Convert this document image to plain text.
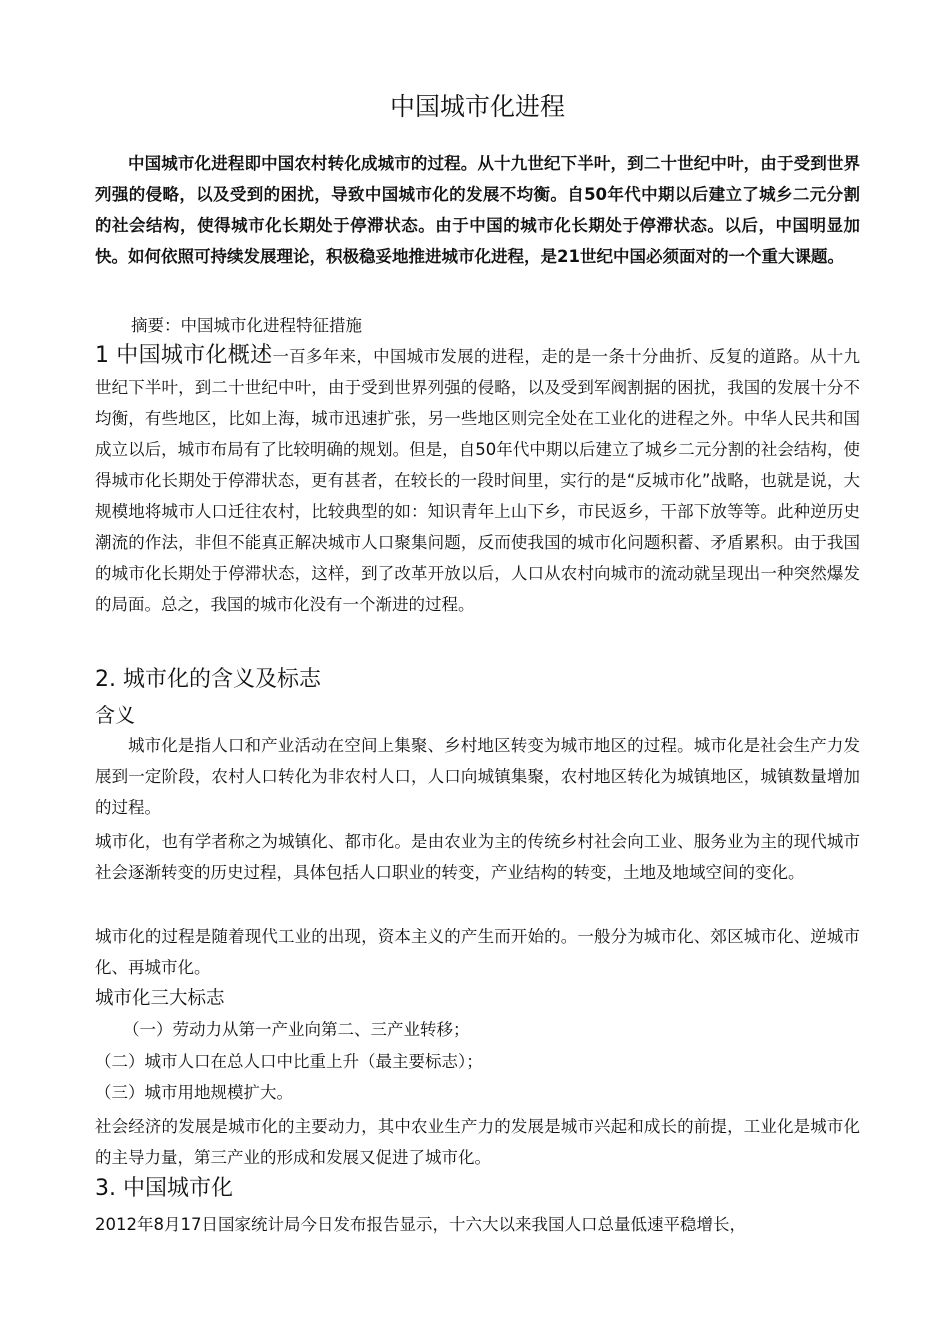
中国城市化进程

中国城市化进程即中国农村转化成城市的过程。从十九世纪下半叶，到二十世纪中叶，由于受到世界列强的侵略，以及受到的困扰，导致中国城市化的发展不均衡。自50年代中期以后建立了城乡二元分割的社会结构，使得城市化长期处于停滞状态。由于中国的城市化长期处于停滞状态。以后，中国明显加快。如何依照可持续发展理论，积极稳妥地推进城市化进程，是21世纪中国必须面对的一个重大课题。

摘要：中国城市化进程特征措施

1 中国城市化概述一百多年来，中国城市发展的进程，走的是一条十分曲折、反复的道路。从十九世纪下半叶，到二十世纪中叶，由于受到世界列强的侵略，以及受到军阀割据的困扰，我国的发展十分不均衡，有些地区，比如上海，城市迅速扩张，另一些地区则完全处在工业化的进程之外。中华人民共和国成立以后，城市布局有了比较明确的规划。但是，自50年代中期以后建立了城乡二元分割的社会结构，使得城市化长期处于停滞状态，更有甚者，在较长的一段时间里，实行的是“反城市化”战略，也就是说，大规模地将城市人口迁往农村，比较典型的如：知识青年上山下乡，市民返乡，干部下放等等。此种逆历史潮流的作法，非但不能真正解决城市人口聚集问题，反而使我国的城市化问题积蓄、矛盾累积。由于我国的城市化长期处于停滞状态，这样，到了改革开放以后，人口从农村向城市的流动就呈现出一种突然爆发的局面。总之，我国的城市化没有一个渐进的过程。

2. 城市化的含义及标志
含义

城市化是指人口和产业活动在空间上集聚、乡村地区转变为城市地区的过程。城市化是社会生产力发展到一定阶段，农村人口转化为非农村人口，人口向城镇集聚，农村地区转化为城镇地区，城镇数量增加的过程。

城市化，也有学者称之为城镇化、都市化。是由农业为主的传统乡村社会向工业、服务业为主的现代城市社会逐渐转变的历史过程，具体包括人口职业的转变，产业结构的转变，土地及地域空间的变化。

城市化的过程是随着现代工业的出现，资本主义的产生而开始的。一般分为城市化、郊区城市化、逆城市化、再城市化。

城市化三大标志
（一）劳动力从第一产业向第二、三产业转移；
（二）城市人口在总人口中比重上升（最主要标志）；
（三）城市用地规模扩大。

社会经济的发展是城市化的主要动力，其中农业生产力的发展是城市兴起和成长的前提，工业化是城市化的主导力量，第三产业的形成和发展又促进了城市化。

3. 中国城市化

2012年8月17日国家统计局今日发布报告显示，十六大以来我国人口总量低速平稳增长，
